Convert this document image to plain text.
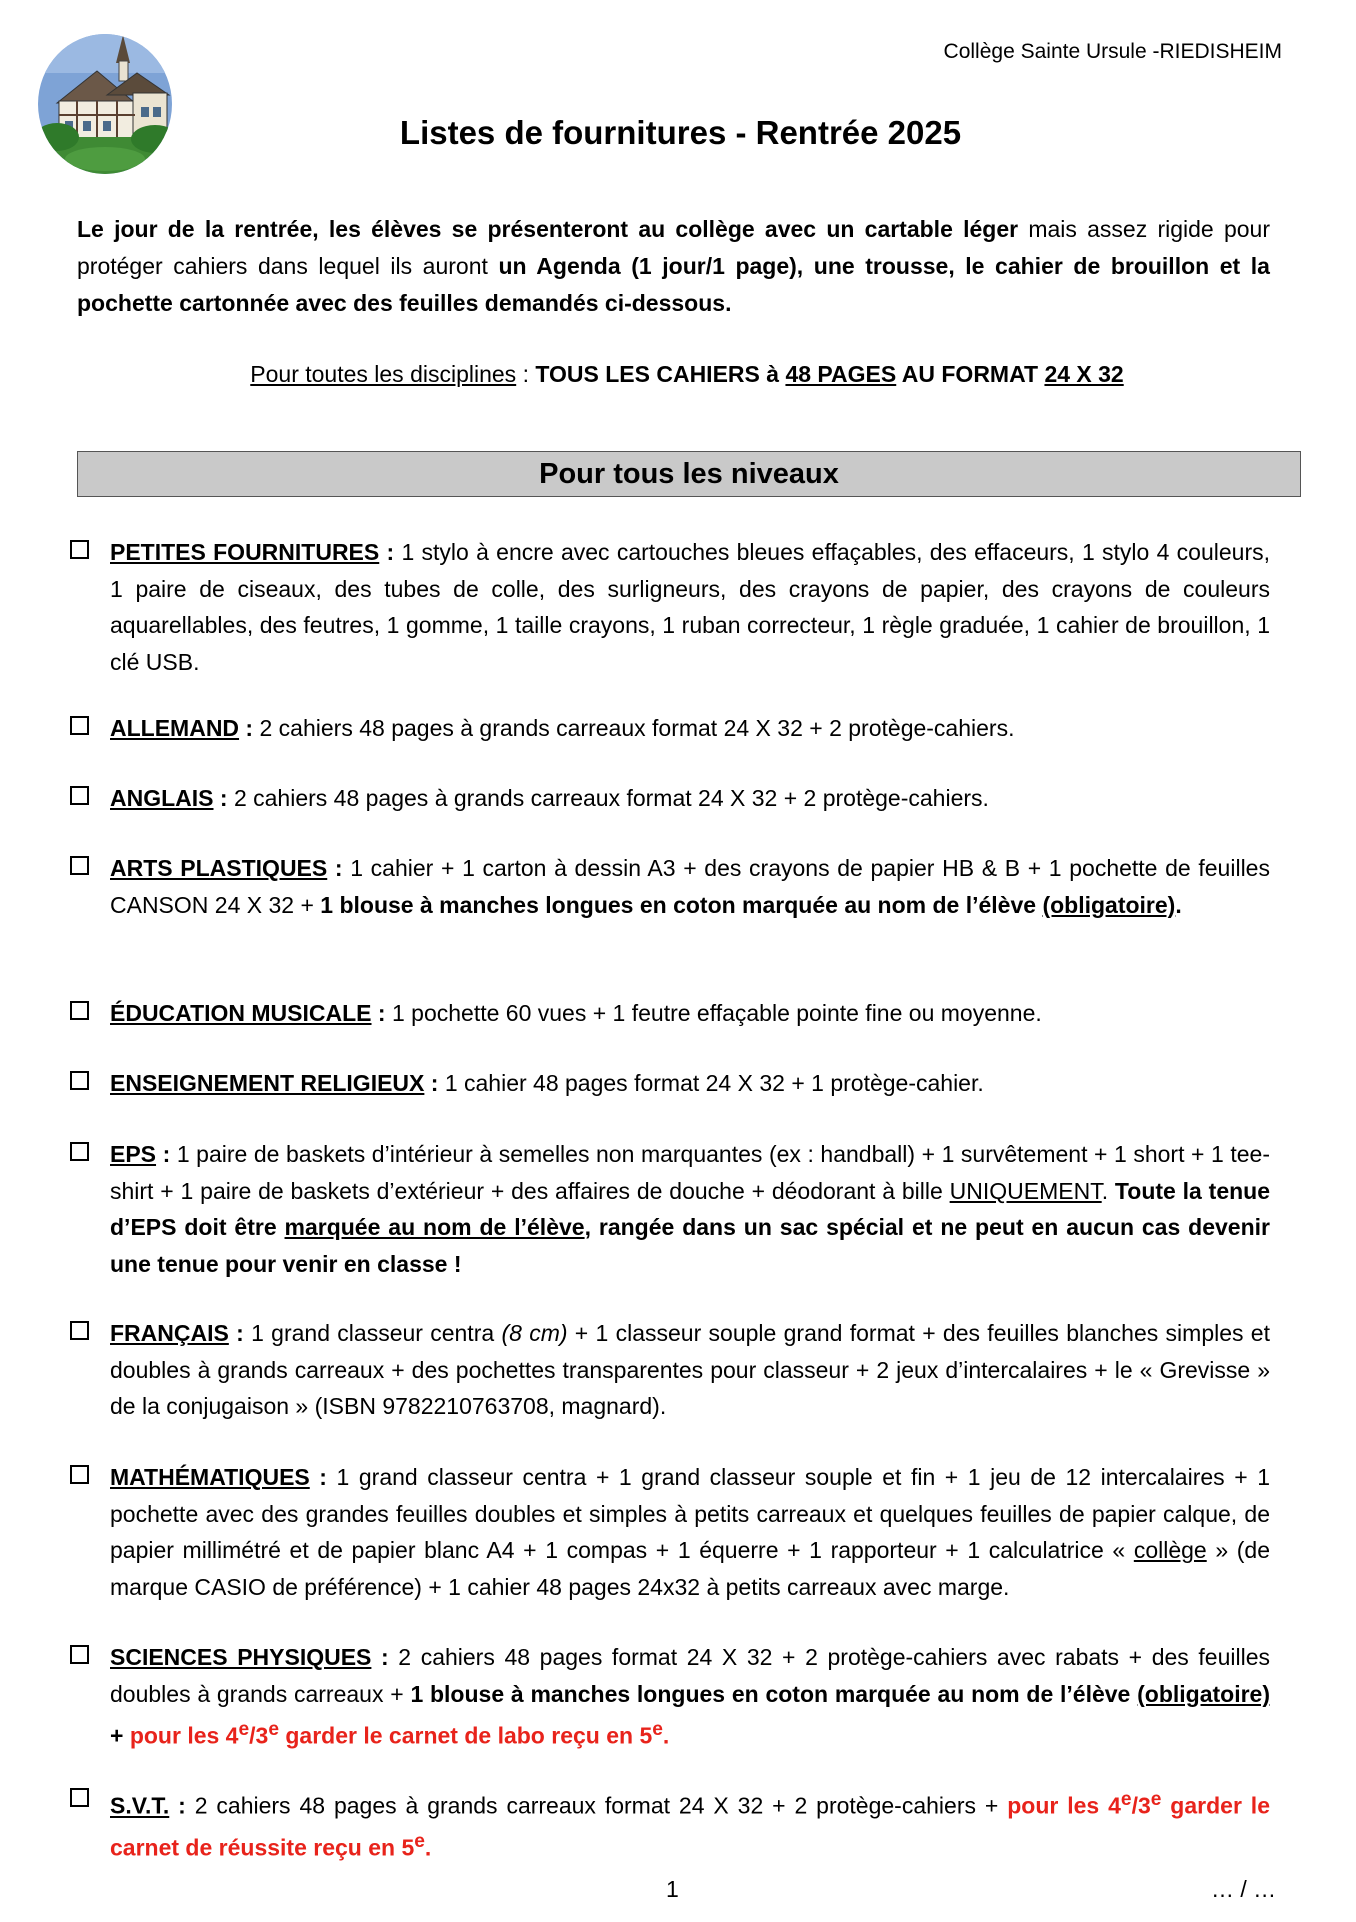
Collège Sainte Ursule -RIEDISHEIM
Listes de fournitures - Rentrée 2025
Le jour de la rentrée, les élèves se présenteront au collège avec un cartable léger mais assez rigide pour protéger cahiers dans lequel ils auront un Agenda (1 jour/1 page), une trousse, le cahier de brouillon et la pochette cartonnée avec des feuilles demandés ci-dessous.
Pour toutes les disciplines : TOUS LES CAHIERS à 48 PAGES AU FORMAT 24 X 32
Pour tous les niveaux
PETITES FOURNITURES : 1 stylo à encre avec cartouches bleues effaçables, des effaceurs, 1 stylo 4 couleurs, 1 paire de ciseaux, des tubes de colle, des surligneurs, des crayons de papier, des crayons de couleurs aquarellables, des feutres, 1 gomme, 1 taille crayons, 1 ruban correcteur, 1 règle graduée, 1 cahier de brouillon, 1 clé USB.
ALLEMAND : 2 cahiers 48 pages à grands carreaux format 24 X 32 + 2 protège-cahiers.
ANGLAIS : 2 cahiers 48 pages à grands carreaux format 24 X 32 + 2 protège-cahiers.
ARTS PLASTIQUES : 1 cahier + 1 carton à dessin A3 + des crayons de papier HB & B + 1 pochette de feuilles CANSON 24 X 32 + 1 blouse à manches longues en coton marquée au nom de l’élève (obligatoire).
ÉDUCATION MUSICALE : 1 pochette 60 vues + 1 feutre effaçable pointe fine ou moyenne.
ENSEIGNEMENT RELIGIEUX : 1 cahier 48 pages format 24 X 32 + 1 protège-cahier.
EPS : 1 paire de baskets d’intérieur à semelles non marquantes (ex : handball) + 1 survêtement + 1 short + 1 tee-shirt + 1 paire de baskets d’extérieur + des affaires de douche + déodorant à bille UNIQUEMENT. Toute la tenue d’EPS doit être marquée au nom de l’élève, rangée dans un sac spécial et ne peut en aucun cas devenir une tenue pour venir en classe !
FRANÇAIS : 1 grand classeur centra (8 cm) + 1 classeur souple grand format + des feuilles blanches simples et doubles à grands carreaux + des pochettes transparentes pour classeur + 2 jeux d’intercalaires + le « Grevisse » de la conjugaison » (ISBN 9782210763708, magnard).
MATHÉMATIQUES : 1 grand classeur centra + 1 grand classeur souple et fin + 1 jeu de 12 intercalaires + 1 pochette avec des grandes feuilles doubles et simples à petits carreaux et quelques feuilles de papier calque, de papier millimétré et de papier blanc A4 + 1 compas + 1 équerre + 1 rapporteur + 1 calculatrice « collège » (de marque CASIO de préférence) + 1 cahier 48 pages 24x32 à petits carreaux avec marge.
SCIENCES PHYSIQUES : 2 cahiers 48 pages format 24 X 32 + 2 protège-cahiers avec rabats + des feuilles doubles à grands carreaux + 1 blouse à manches longues en coton marquée au nom de l’élève (obligatoire) + pour les 4e/3e garder le carnet de labo reçu en 5e.
S.V.T. : 2 cahiers 48 pages à grands carreaux format 24 X 32 + 2 protège-cahiers + pour les 4e/3e garder le carnet de réussite reçu en 5e.
1	… / …
